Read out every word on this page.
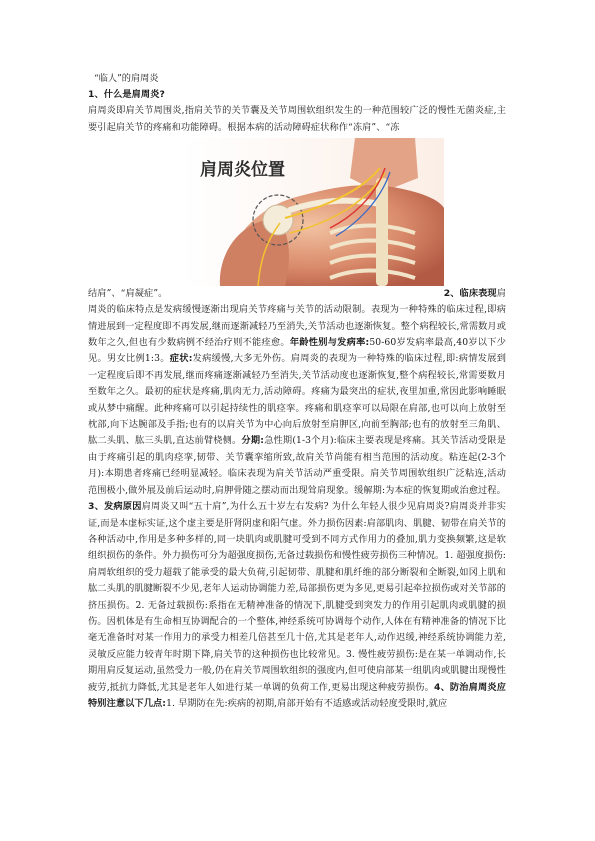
“临人”的肩周炎

1、什么是肩周炎?

肩周炎即肩关节周围炎,指肩关节的关节囊及关节周围软组织发生的一种范围较广泛的慢性无菌炎症,主要引起肩关节的疼痛和功能障碍。根据本病的活动障碍症状称作“冻肩”、“冻

肩周炎位置
结肩”、“肩凝症”。	2、临床表现肩

周炎的临床特点是发病缓慢逐渐出现肩关节疼痛与关节的活动限制。表现为一种特殊的临床过程,即病情进展到一定程度即不再发展,继而逐渐减轻乃至消失,关节活动也逐渐恢复。整个病程较长,常需数月或数年之久,但也有少数病例不经治疗则不能痊愈。年龄性别与发病率:50-60岁发病率最高,40岁以下少见。男女比例1:3。症状:发病缓慢,大多无外伤。肩周炎的表现为一种特殊的临床过程,即:病情发展到一定程度后即不再发展,继而疼痛逐渐减轻乃至消失,关节活动度也逐渐恢复,整个病程较长,常需要数月至数年之久。最初的症状是疼痛,肌肉无力,活动障碍。疼痛为最突出的症状,夜里加重,常因此影响睡眠或从梦中痛醒。此种疼痛可以引起持续性的肌痉挛。疼痛和肌痉挛可以局限在肩部,也可以向上放射至枕部,向下达腕部及手指;也有的以肩关节为中心向后放射至肩胛区,向前至胸部;也有的放射至三角肌、肱二头肌、肱三头肌,直达前臂桡侧。分期:急性期(1-3个月):临床主要表现是疼痛。其关节活动受限是由于疼痛引起的肌肉痉挛,韧带、关节囊挛缩所致,故肩关节尚能有相当范围的活动度。粘连起(2-3个月):本期患者疼痛已经明显减轻。临床表现为肩关节活动严重受限。肩关节周围软组织广泛粘连,活动范围极小,做外展及前后运动时,肩胛骨随之摆动而出现耸肩现象。缓解期:为本症的恢复期或治愈过程。

3、发病原因肩周炎又叫“五十肩”,为什么五十岁左右发病? 为什么年轻人很少见肩周炎?肩周炎并非实证,而是本虚标实证,这个虚主要是肝肾阴虚和阳气虚。外力损伤因素:肩部肌肉、肌腱、韧带在肩关节的各种活动中,作用是多种多样的,同一块肌肉或肌腱可受到不同方式作用力的叠加,肌力变换频繁,这是软组织损伤的条件。外力损伤可分为超强度损伤,无备过载损伤和慢性疲劳损伤三种情况。1. 超强度损伤:肩周软组织的受力超载了能承受的最大负荷,引起韧带、肌腱和肌纤维的部分断裂和全断裂,如冈上肌和肱二头肌的肌腱断裂不少见,老年人运动协调能力差,局部损伤更为多见,更易引起牵拉损伤或对关节部的挤压损伤。2. 无备过载损伤:系指在无精神准备的情况下,肌腱受到突发力的作用引起肌肉或肌腱的损伤。因机体是有生命相互协调配合的一个整体,神经系统可协调每个动作,人体在有精神准备的情况下比毫无准备时对某一作用力的承受力相差几倍甚至几十倍,尤其是老年人,动作迟缓,神经系统协调能力差,灵敏反应能力较青年时期下降,肩关节的这种损伤也比较常见。3. 慢性疲劳损伤:是在某一单调动作,长期用肩反复运动,虽然受力一般,仍在肩关节周围软组织的强度内,但可使肩部某一组肌肉或肌腱出现慢性疲劳,抵抗力降低,尤其是老年人如进行某一单调的负荷工作,更易出现这种疲劳损伤。4、防治肩周炎应特别注意以下几点:1. 早期防在先:疾病的初期,肩部开始有不适感或活动轻度受限时,就应
